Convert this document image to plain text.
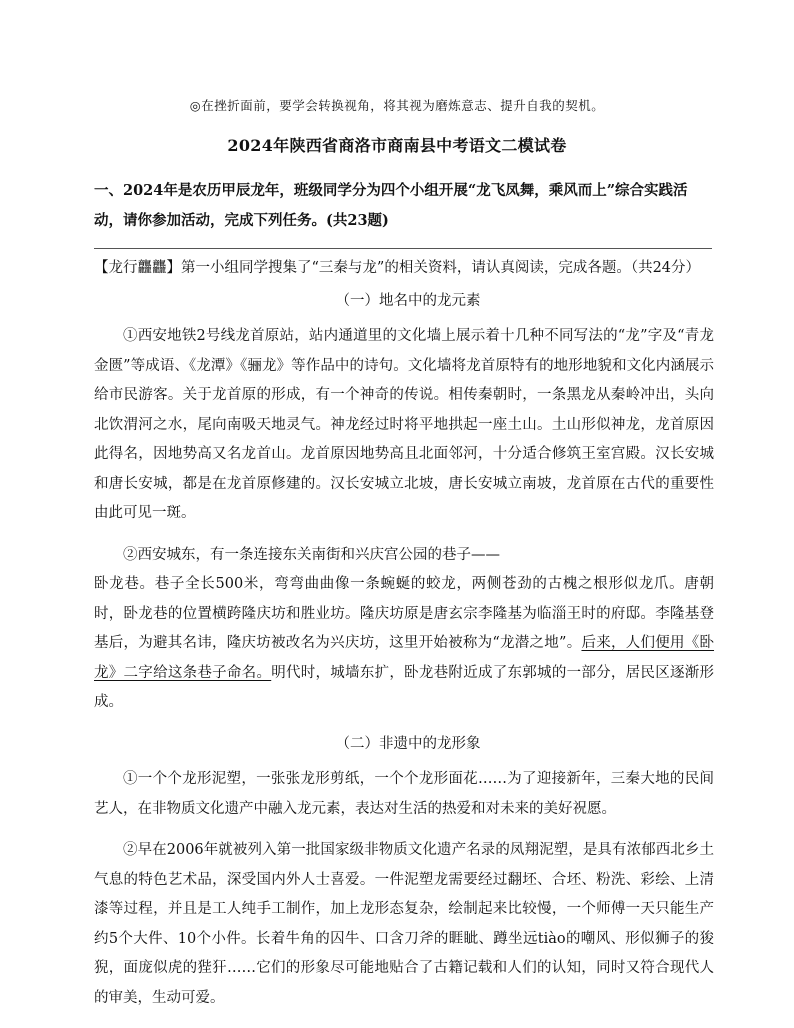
◎在挫折面前，要学会转换视角，将其视为磨炼意志、提升自我的契机。
2024年陕西省商洛市商南县中考语文二模试卷
一、2024年是农历甲辰龙年，班级同学分为四个小组开展“龙飞凤舞，乘风而上”综合实践活动，请你参加活动，完成下列任务。(共23题)

【龙行龘龘】第一小组同学搜集了“三秦与龙”的相关资料，请认真阅读，完成各题。（共24分）

（一）地名中的龙元素

①西安地铁2号线龙首原站，站内通道里的文化墙上展示着十几种不同写法的“龙”字及“青龙金匮”等成语、《龙潭》《骊龙》等作品中的诗句。文化墙将龙首原特有的地形地貌和文化内涵展示给市民游客。关于龙首原的形成，有一个神奇的传说。相传秦朝时，一条黑龙从秦岭冲出，头向北饮渭河之水，尾向南吸天地灵气。神龙经过时将平地拱起一座土山。土山形似神龙，龙首原因此得名，因地势高又名龙首山。龙首原因地势高且北面邻河，十分适合修筑王室宫殿。汉长安城和唐长安城，都是在龙首原修建的。汉长安城立北坡，唐长安城立南坡，龙首原在古代的重要性由此可见一斑。

②西安城东，有一条连接东关南街和兴庆宫公园的巷子——
卧龙巷。巷子全长500米，弯弯曲曲像一条蜿蜒的蛟龙，两侧苍劲的古槐之根形似龙爪。唐朝时，卧龙巷的位置横跨隆庆坊和胜业坊。隆庆坊原是唐玄宗李隆基为临淄王时的府邸。李隆基登基后，为避其名讳，隆庆坊被改名为兴庆坊，这里开始被称为“龙潜之地”。后来，人们便用《卧龙》二字给这条巷子命名。明代时，城墙东扩，卧龙巷附近成了东郭城的一部分，居民区逐渐形成。

（二）非遗中的龙形象

①一个个龙形泥塑，一张张龙形剪纸，一个个龙形面花……为了迎接新年，三秦大地的民间艺人，在非物质文化遗产中融入龙元素，表达对生活的热爱和对未来的美好祝愿。

②早在2006年就被列入第一批国家级非物质文化遗产名录的凤翔泥塑，是具有浓郁西北乡土气息的特色艺术品，深受国内外人士喜爱。一件泥塑龙需要经过翻坯、合坯、粉洗、彩绘、上清漆等过程，并且是工人纯手工制作，加上龙形态复杂，绘制起来比较慢，一个师傅一天只能生产约5个大件、10个小件。长着牛角的囚牛、口含刀斧的睚眦、蹲坐远tiào的嘲风、形似狮子的狻猊，面庞似虎的狴犴……它们的形象尽可能地贴合了古籍记载和人们的认知，同时又符合现代人的审美，生动可爱。
